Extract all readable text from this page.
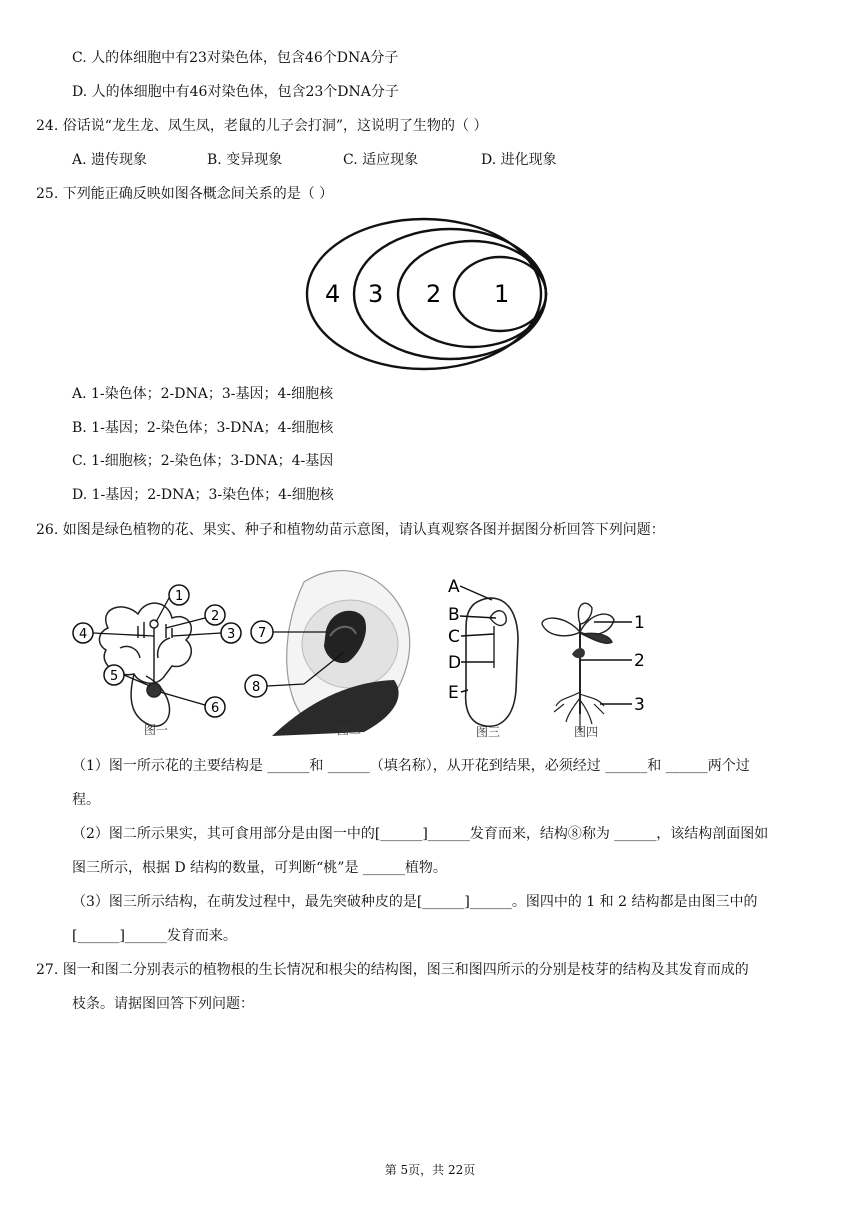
C. 人的体细胞中有23对染色体，包含46个DNA分子
D. 人的体细胞中有46对染色体，包含23个DNA分子
24. 俗话说“龙生龙、凤生凤，老鼠的儿子会打洞”，这说明了生物的（ ）
A. 遗传现象	B. 变异现象	C. 适应现象	D. 进化现象
25. 下列能正确反映如图各概念间关系的是（ ）
4 3 2 1
A. 1-染色体；2-DNA；3-基因；4-细胞核
B. 1-基因；2-染色体；3-DNA；4-细胞核
C. 1-细胞核；2-染色体；3-DNA；4-基因
D. 1-基因；2-DNA；3-染色体；4-细胞核
26. 如图是绿色植物的花、果实、种子和植物幼苗示意图，请认真观察各图并据图分析回答下列问题：
1
2
3
4
5
6
图一
7
8
图二
A
B
C
D
E
图三
1
2
3
图四
（1）图一所示花的主要结构是 ______和 ______（填名称），从开花到结果，必须经过 ______和 ______两个过
程。
（2）图二所示果实，其可食用部分是由图一中的[______]______发育而来，结构⑧称为 ______，该结构剖面图如
图三所示，根据 D 结构的数量，可判断“桃”是 ______植物。
（3）图三所示结构，在萌发过程中，最先突破种皮的是[______]______。图四中的 1 和 2 结构都是由图三中的
[______]______发育而来。
27. 图一和图二分别表示的植物根的生长情况和根尖的结构图，图三和图四所示的分别是枝芽的结构及其发育而成的
枝条。请据图回答下列问题：
第 5页，共 22页
